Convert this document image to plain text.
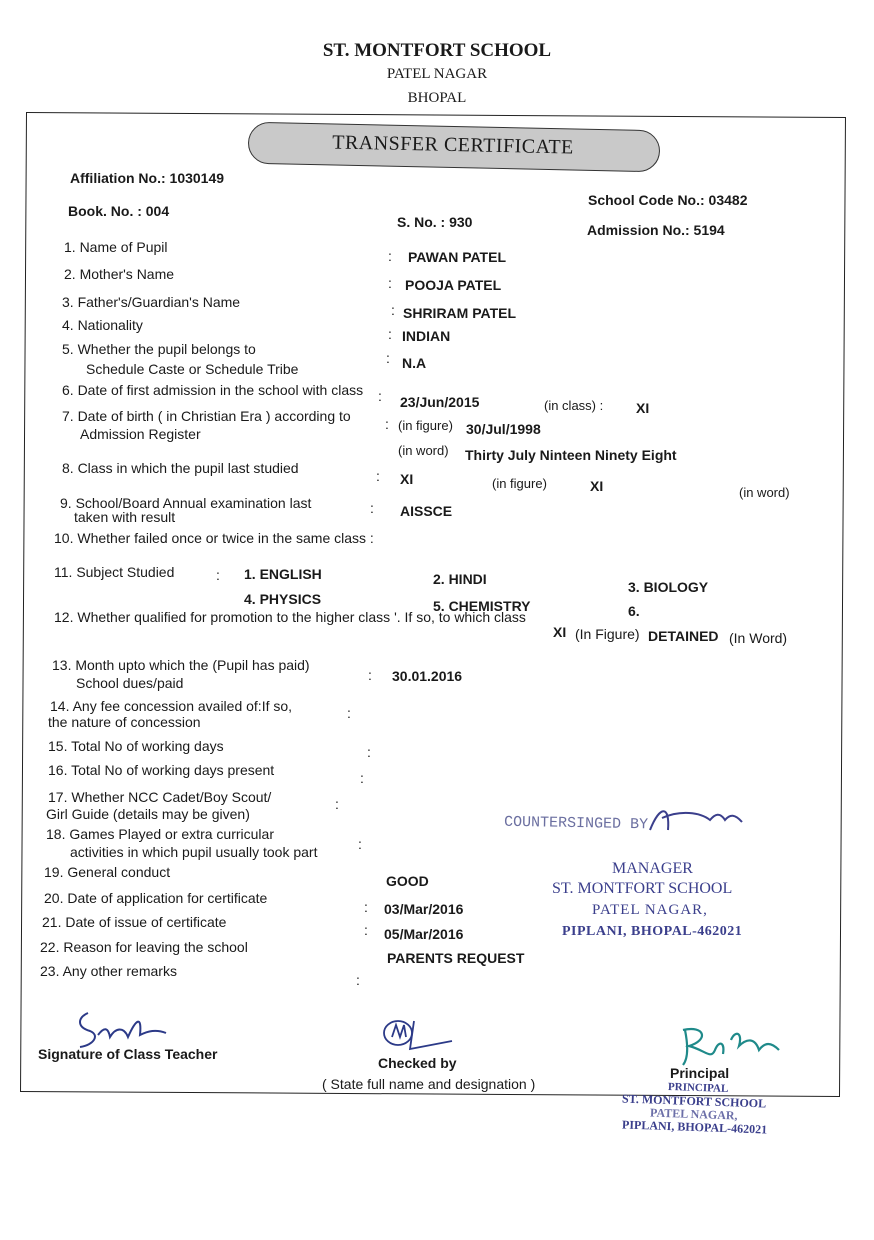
ST. MONTFORT SCHOOL
PATEL NAGAR
BHOPAL
TRANSFER CERTIFICATE
Affiliation No.: 1030149
School Code No.: 03482
Book. No. : 004
S. No. : 930	Admission No.: 5194
1. Name of Pupil
: PAWAN PATEL
2. Mother's Name
: POOJA PATEL
3. Father's/Guardian's Name	: SHRIRAM PATEL
4. Nationality
: INDIAN
5. Whether the pupil belongs to
Schedule Caste or Schedule Tribe
: N.A
6. Date of first admission in the school with class : 23/Jun/2015	(in class) : XI
7. Date of birth ( in Christian Era ) according to
Admission Register
: (in figure) 30/Jul/1998
(in word) Thirty July Ninteen Ninety Eight
8. Class in which the pupil last studied	: XI	(in figure)	XI	(in word)
9. School/Board Annual examination last
taken with result
: AISSCE
10. Whether failed once or twice in the same class :
11. Subject Studied	: 1. ENGLISH	2. HINDI	3. BIOLOGY
4. PHYSICS	5. CHEMISTRY	6.
12. Whether qualified for promotion to the higher class '. If so, to which class
XI (In Figure) DETAINED (In Word)
13. Month upto which the (Pupil has paid)
School dues/paid	: 30.01.2016
14. Any fee concession availed of:If so,
the nature of concession
:
15. Total No of working days	:
16. Total No of working days present	:
17. Whether NCC Cadet/Boy Scout/
Girl Guide (details may be given)
:
18. Games Played or extra curricular
activities in which pupil usually took part	:
19. General conduct
GOOD
20. Date of application for certificate
: 03/Mar/2016
21. Date of issue of certificate	: 05/Mar/2016
22. Reason for leaving the school
PARENTS REQUEST
23. Any other remarks
:
COUNTERSINGED BY
MANAGER
ST. MONTFORT SCHOOL
PATEL NAGAR,
PIPLANI, BHOPAL-462021
Signature of Class Teacher
Checked by
( State full name and designation )
Principal
PRINCIPAL
ST. MONTFORT SCHOOL
PATEL NAGAR,
PIPLANI, BHOPAL-462021
